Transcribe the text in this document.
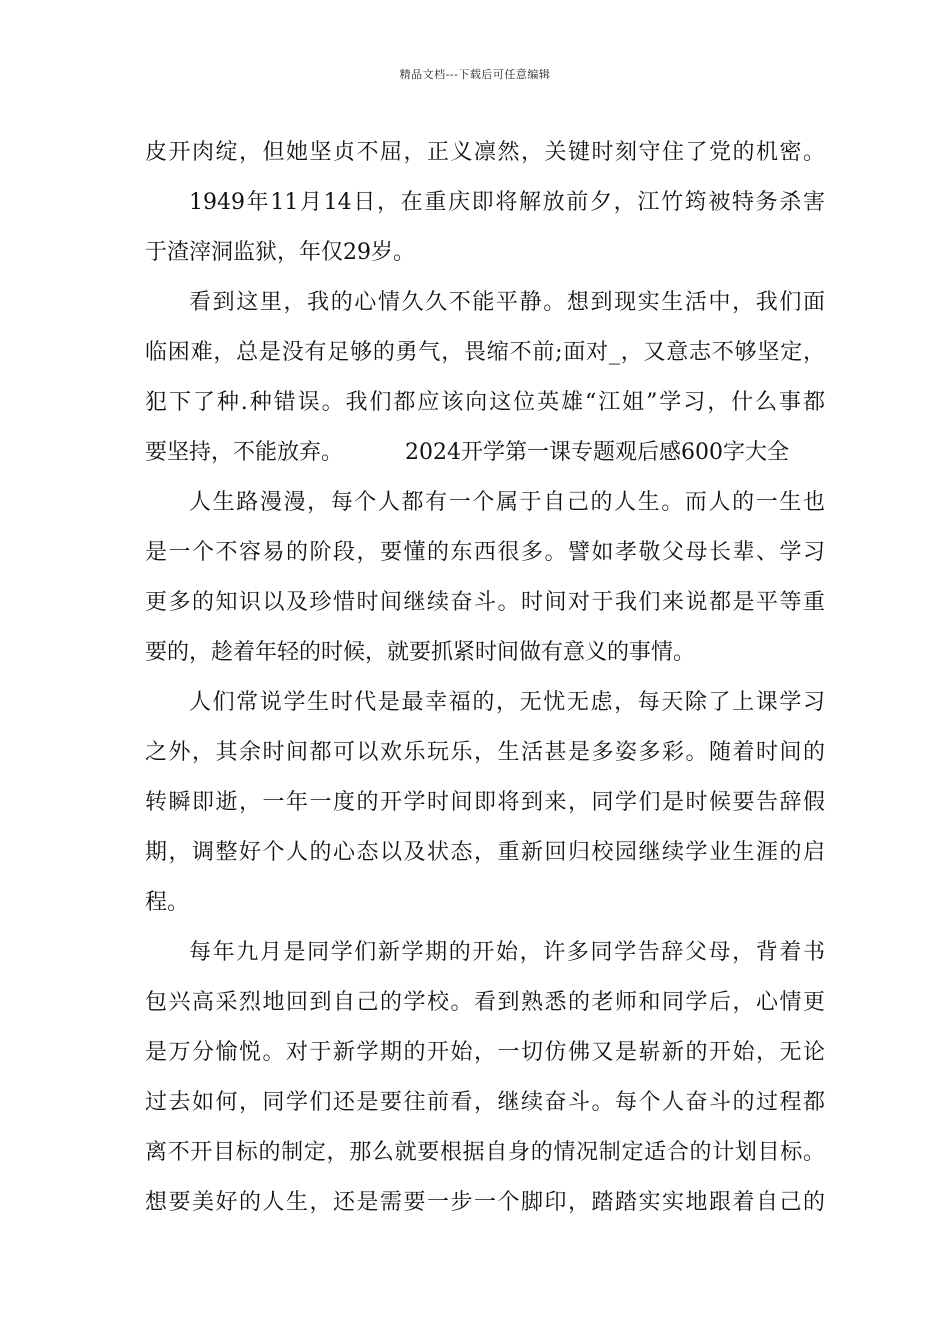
精品文档---下载后可任意编辑
皮开肉绽，但她坚贞不屈，正义凛然，关键时刻守住了党的机密。
1949年11月14日，在重庆即将解放前夕，江竹筠被特务杀害
于渣滓洞监狱，年仅29岁。
看到这里，我的心情久久不能平静。想到现实生活中，我们面
临困难，总是没有足够的勇气，畏缩不前;面对_，又意志不够坚定，
犯下了种.种错误。我们都应该向这位英雄“江姐”学习，什么事都
要坚持，不能放弃。	2024开学第一课专题观后感600字大全
人生路漫漫，每个人都有一个属于自己的人生。而人的一生也
是一个不容易的阶段，要懂的东西很多。譬如孝敬父母长辈、学习
更多的知识以及珍惜时间继续奋斗。时间对于我们来说都是平等重
要的，趁着年轻的时候，就要抓紧时间做有意义的事情。
人们常说学生时代是最幸福的，无忧无虑，每天除了上课学习
之外，其余时间都可以欢乐玩乐，生活甚是多姿多彩。随着时间的
转瞬即逝，一年一度的开学时间即将到来，同学们是时候要告辞假
期，调整好个人的心态以及状态，重新回归校园继续学业生涯的启
程。
每年九月是同学们新学期的开始，许多同学告辞父母，背着书
包兴高采烈地回到自己的学校。看到熟悉的老师和同学后，心情更
是万分愉悦。对于新学期的开始，一切仿佛又是崭新的开始，无论
过去如何，同学们还是要往前看，继续奋斗。每个人奋斗的过程都
离不开目标的制定，那么就要根据自身的情况制定适合的计划目标。
想要美好的人生，还是需要一步一个脚印，踏踏实实地跟着自己的
